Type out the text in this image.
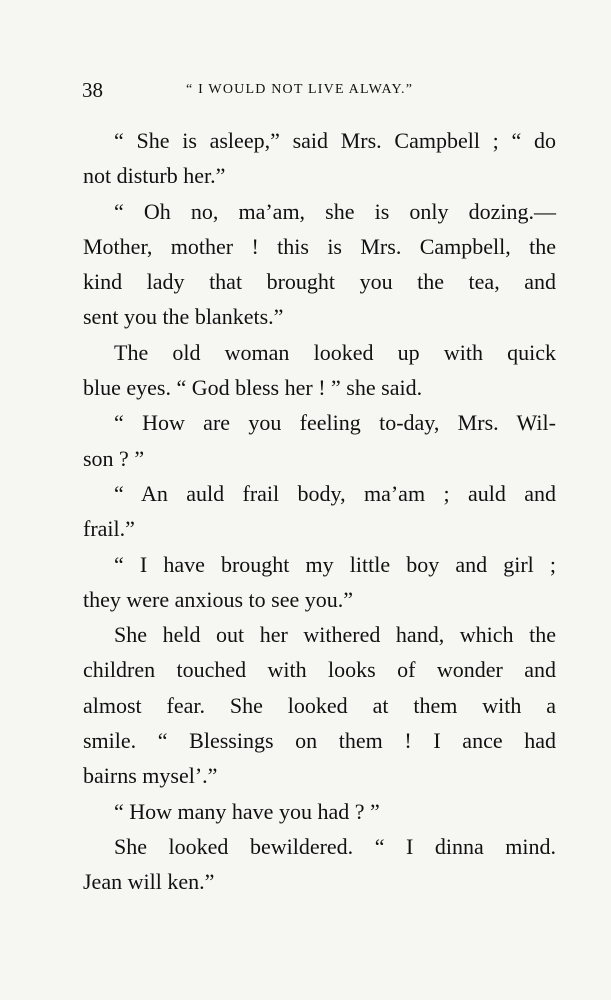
38	“ I WOULD NOT LIVE ALWAY.”
“ She is asleep,” said Mrs. Campbell ; “ do
not disturb her.”
“ Oh no, ma’am, she is only dozing.—
Mother, mother ! this is Mrs. Campbell, the
kind lady that brought you the tea, and
sent you the blankets.”
The old woman looked up with quick
blue eyes. “ God bless her ! ” she said.
“ How are you feeling to-day, Mrs. Wil-
son ? ”
“ An auld frail body, ma’am ; auld and
frail.”
“ I have brought my little boy and girl ;
they were anxious to see you.”
She held out her withered hand, which the
children touched with looks of wonder and
almost fear. She looked at them with a
smile. “ Blessings on them ! I ance had
bairns mysel’.”
“ How many have you had ? ”
She looked bewildered. “ I dinna mind.
Jean will ken.”
